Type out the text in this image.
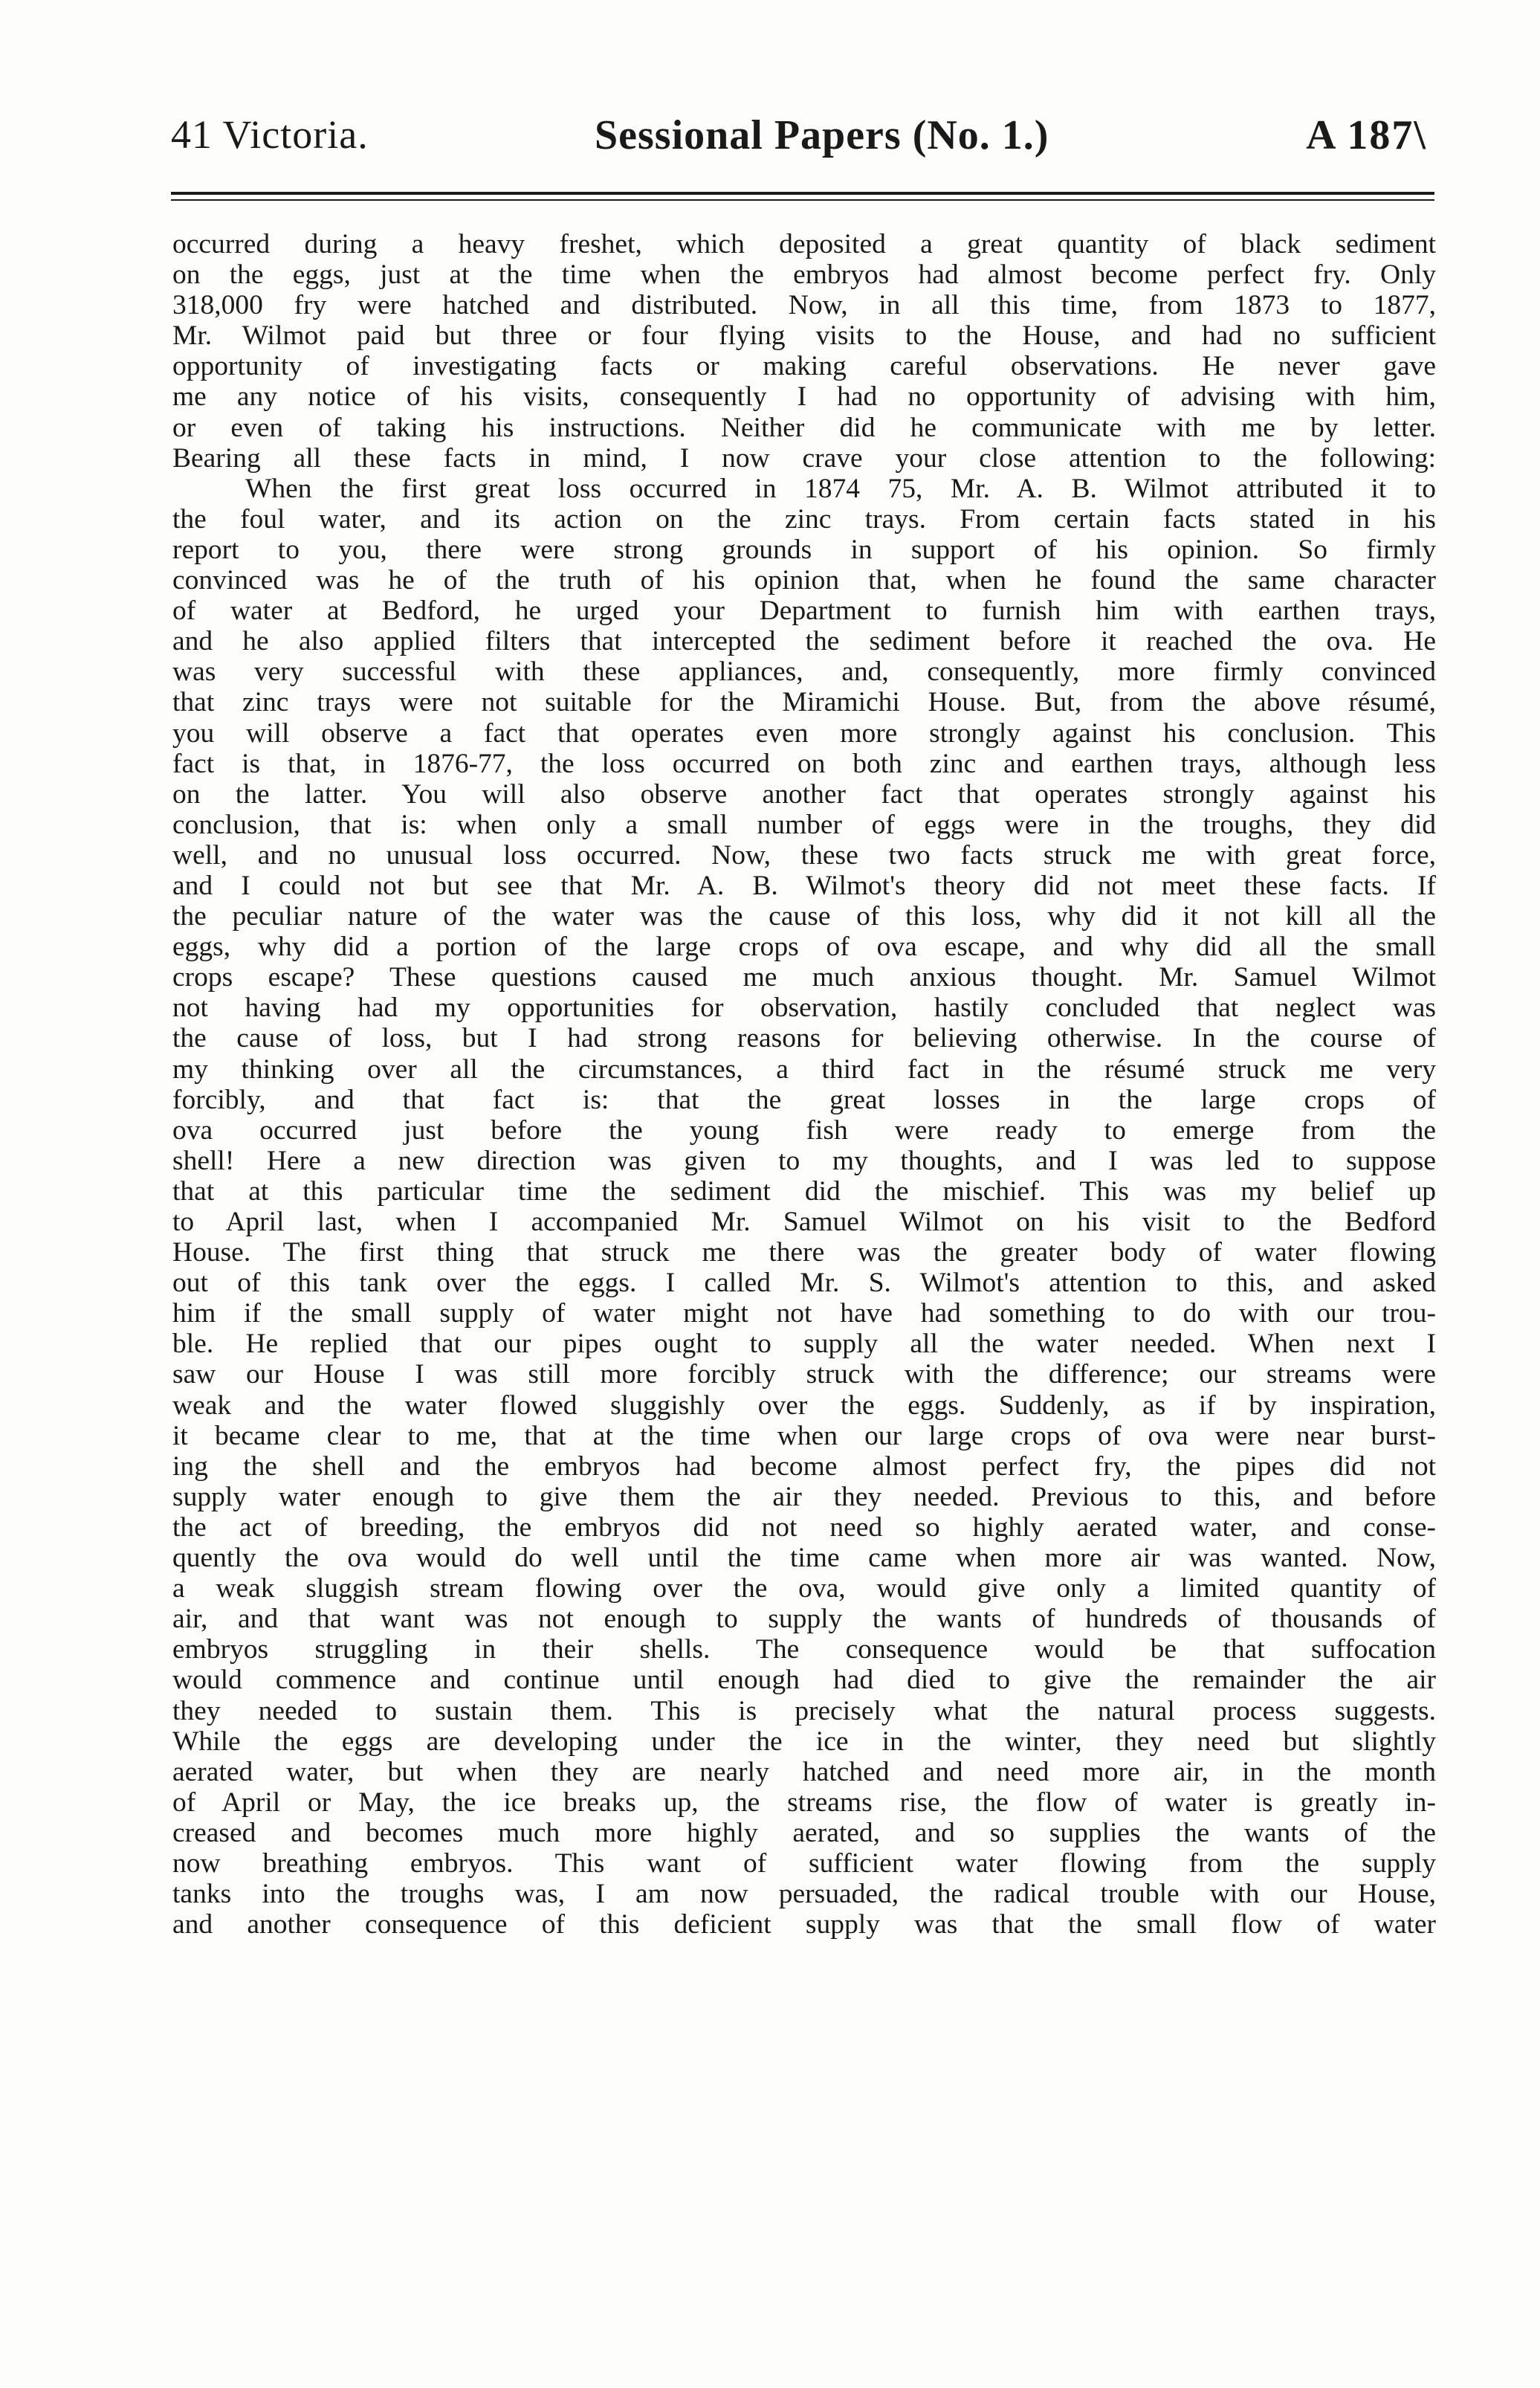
41 Victoria.	Sessional Papers (No. 1.)	A 187\
occurred during a heavy freshet, which deposited a great quantity of black sediment
on the eggs, just at the time when the embryos had almost become perfect fry. Only
318,000 fry were hatched and distributed. Now, in all this time, from 1873 to 1877,
Mr. Wilmot paid but three or four flying visits to the House, and had no sufficient
opportunity of investigating facts or making careful observations. He never gave
me any notice of his visits, consequently I had no opportunity of advising with him,
or even of taking his instructions. Neither did he communicate with me by letter.
Bearing all these facts in mind, I now crave your close attention to the following:
When the first great loss occurred in 1874 75, Mr. A. B. Wilmot attributed it to
the foul water, and its action on the zinc trays. From certain facts stated in his
report to you, there were strong grounds in support of his opinion. So firmly
convinced was he of the truth of his opinion that, when he found the same character
of water at Bedford, he urged your Department to furnish him with earthen trays,
and he also applied filters that intercepted the sediment before it reached the ova. He
was very successful with these appliances, and, consequently, more firmly convinced
that zinc trays were not suitable for the Miramichi House. But, from the above résumé,
you will observe a fact that operates even more strongly against his conclusion. This
fact is that, in 1876-77, the loss occurred on both zinc and earthen trays, although less
on the latter. You will also observe another fact that operates strongly against his
conclusion, that is: when only a small number of eggs were in the troughs, they did
well, and no unusual loss occurred. Now, these two facts struck me with great force,
and I could not but see that Mr. A. B. Wilmot's theory did not meet these facts. If
the peculiar nature of the water was the cause of this loss, why did it not kill all the
eggs, why did a portion of the large crops of ova escape, and why did all the small
crops escape? These questions caused me much anxious thought. Mr. Samuel Wilmot
not having had my opportunities for observation, hastily concluded that neglect was
the cause of loss, but I had strong reasons for believing otherwise. In the course of
my thinking over all the circumstances, a third fact in the résumé struck me very
forcibly, and that fact is: that the great losses in the large crops of
ova occurred just before the young fish were ready to emerge from the
shell! Here a new direction was given to my thoughts, and I was led to suppose
that at this particular time the sediment did the mischief. This was my belief up
to April last, when I accompanied Mr. Samuel Wilmot on his visit to the Bedford
House. The first thing that struck me there was the greater body of water flowing
out of this tank over the eggs. I called Mr. S. Wilmot's attention to this, and asked
him if the small supply of water might not have had something to do with our trou-
ble. He replied that our pipes ought to supply all the water needed. When next I
saw our House I was still more forcibly struck with the difference; our streams were
weak and the water flowed sluggishly over the eggs. Suddenly, as if by inspiration,
it became clear to me, that at the time when our large crops of ova were near burst-
ing the shell and the embryos had become almost perfect fry, the pipes did not
supply water enough to give them the air they needed. Previous to this, and before
the act of breeding, the embryos did not need so highly aerated water, and conse-
quently the ova would do well until the time came when more air was wanted. Now,
a weak sluggish stream flowing over the ova, would give only a limited quantity of
air, and that want was not enough to supply the wants of hundreds of thousands of
embryos struggling in their shells. The consequence would be that suffocation
would commence and continue until enough had died to give the remainder the air
they needed to sustain them. This is precisely what the natural process suggests.
While the eggs are developing under the ice in the winter, they need but slightly
aerated water, but when they are nearly hatched and need more air, in the month
of April or May, the ice breaks up, the streams rise, the flow of water is greatly in-
creased and becomes much more highly aerated, and so supplies the wants of the
now breathing embryos. This want of sufficient water flowing from the supply
tanks into the troughs was, I am now persuaded, the radical trouble with our House,
and another consequence of this deficient supply was that the small flow of water
